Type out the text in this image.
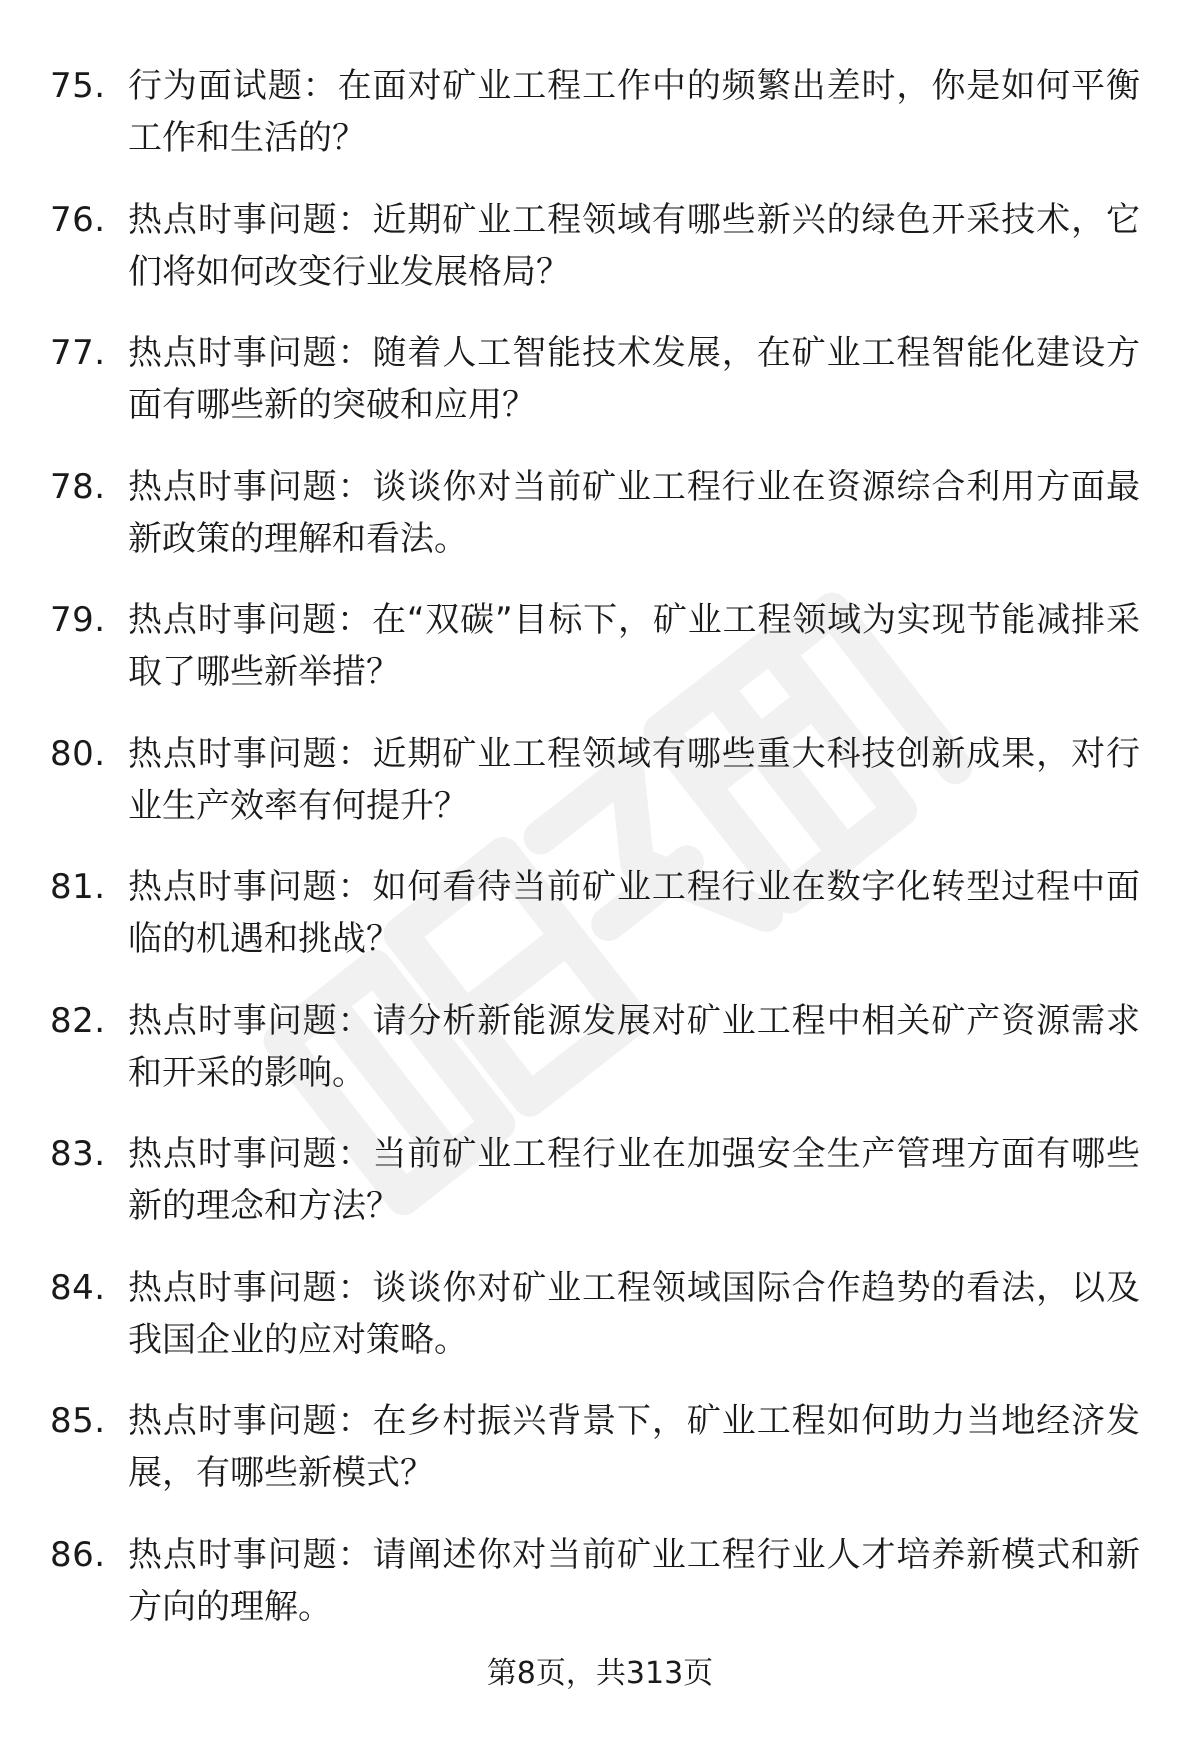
75. 行为面试题：在面对矿业工程工作中的频繁出差时，你是如何平衡工作和生活的？
76. 热点时事问题：近期矿业工程领域有哪些新兴的绿色开采技术，它们将如何改变行业发展格局？
77. 热点时事问题：随着人工智能技术发展，在矿业工程智能化建设方面有哪些新的突破和应用？
78. 热点时事问题：谈谈你对当前矿业工程行业在资源综合利用方面最新政策的理解和看法。
79. 热点时事问题：在“双碳”目标下，矿业工程领域为实现节能减排采取了哪些新举措？
80. 热点时事问题：近期矿业工程领域有哪些重大科技创新成果，对行业生产效率有何提升？
81. 热点时事问题：如何看待当前矿业工程行业在数字化转型过程中面临的机遇和挑战？
82. 热点时事问题：请分析新能源发展对矿业工程中相关矿产资源需求和开采的影响。
83. 热点时事问题：当前矿业工程行业在加强安全生产管理方面有哪些新的理念和方法？
84. 热点时事问题：谈谈你对矿业工程领域国际合作趋势的看法，以及我国企业的应对策略。
85. 热点时事问题：在乡村振兴背景下，矿业工程如何助力当地经济发展，有哪些新模式？
86. 热点时事问题：请阐述你对当前矿业工程行业人才培养新模式和新方向的理解。
第8页，共313页
